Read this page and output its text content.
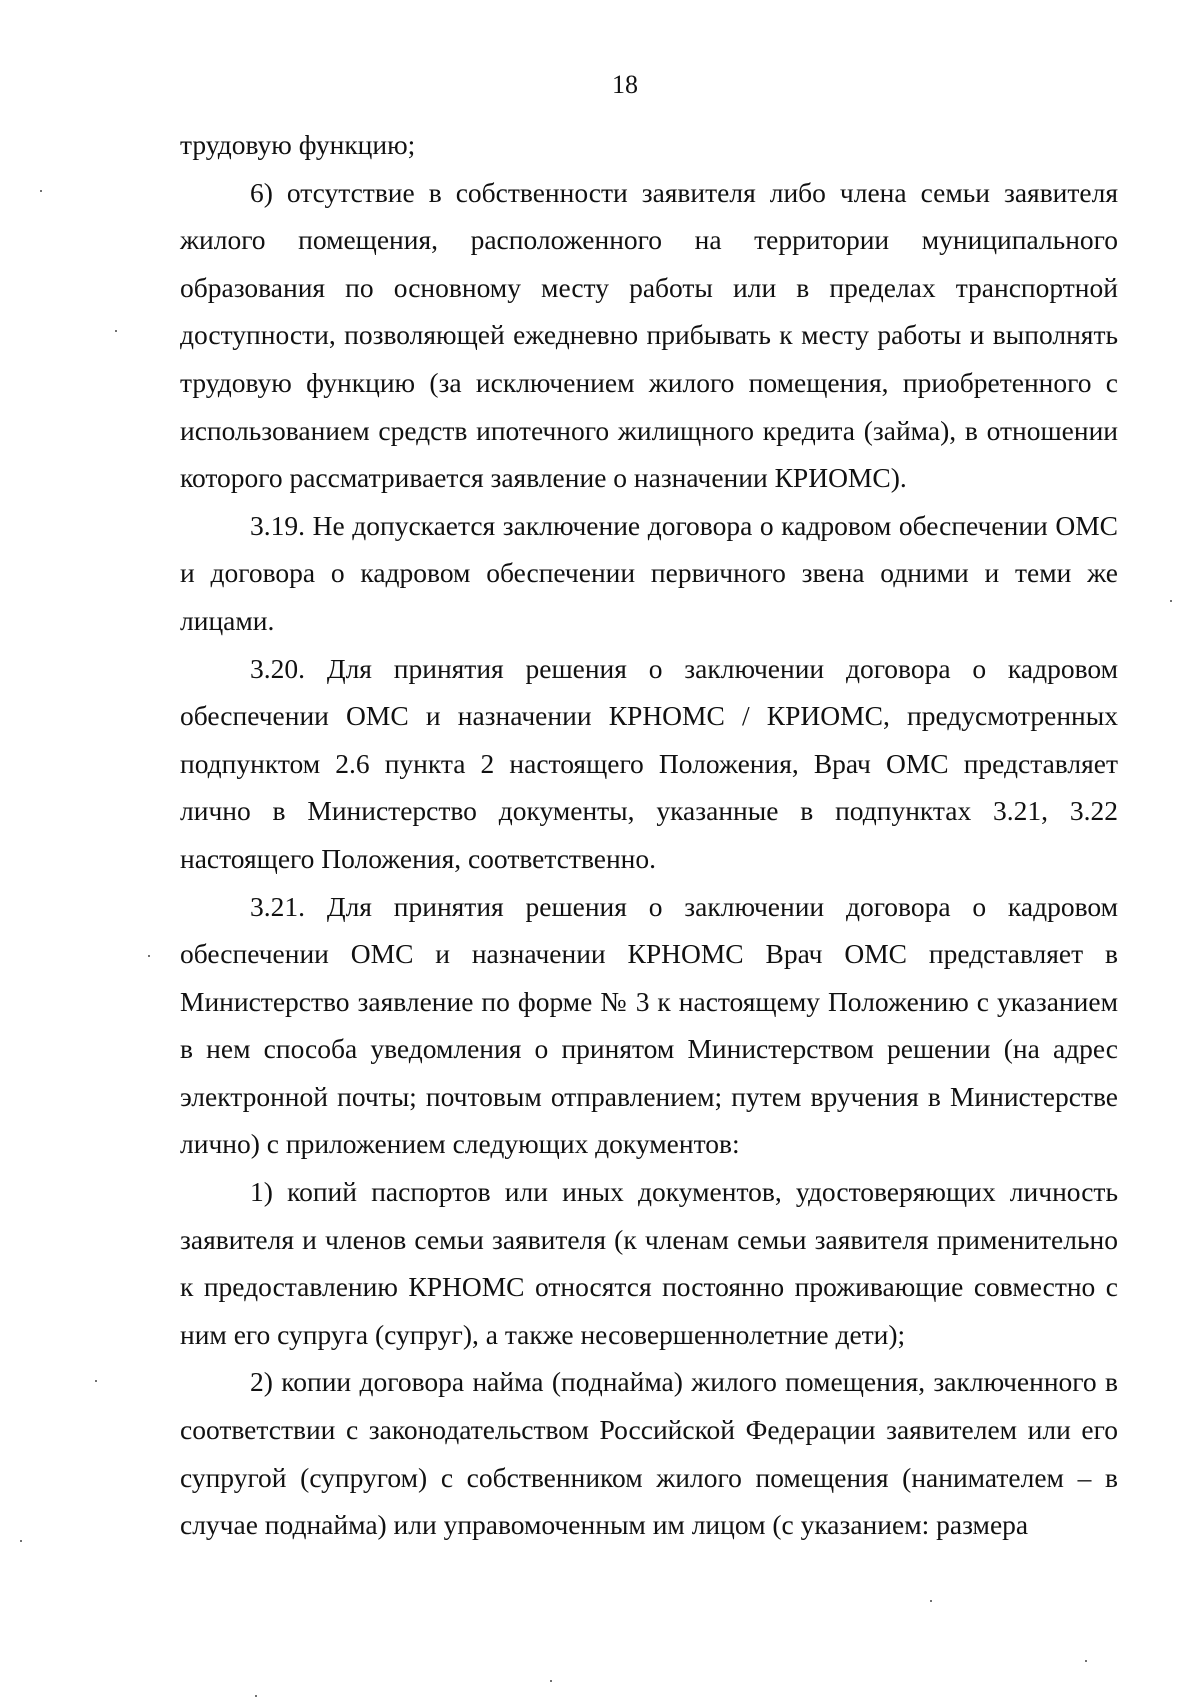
18

трудовую функцию;

6) отсутствие в собственности заявителя либо члена семьи заявителя жилого помещения, расположенного на территории муниципального образования по основному месту работы или в пределах транспортной доступности, позволяющей ежедневно прибывать к месту работы и выполнять трудовую функцию (за исключением жилого помещения, приобретенного с использованием средств ипотечного жилищного кредита (займа), в отношении которого рассматривается заявление о назначении КРИОМС).

3.19. Не допускается заключение договора о кадровом обеспечении ОМС и договора о кадровом обеспечении первичного звена одними и теми же лицами.

3.20. Для принятия решения о заключении договора о кадровом обеспечении ОМС и назначении КРНОМС / КРИОМС, предусмотренных подпунктом 2.6 пункта 2 настоящего Положения, Врач ОМС представляет лично в Министерство документы, указанные в подпунктах 3.21, 3.22 настоящего Положения, соответственно.

3.21. Для принятия решения о заключении договора о кадровом обеспечении ОМС и назначении КРНОМС Врач ОМС представляет в Министерство заявление по форме № 3 к настоящему Положению с указанием в нем способа уведомления о принятом Министерством решении (на адрес электронной почты; почтовым отправлением; путем вручения в Министерстве лично) с приложением следующих документов:

1) копий паспортов или иных документов, удостоверяющих личность заявителя и членов семьи заявителя (к членам семьи заявителя применительно к предоставлению КРНОМС относятся постоянно проживающие совместно с ним его супруга (супруг), а также несовершеннолетние дети);

2) копии договора найма (поднайма) жилого помещения, заключенного в соответствии с законодательством Российской Федерации заявителем или его супругой (супругом) с собственником жилого помещения (нанимателем – в случае поднайма) или управомоченным им лицом (с указанием: размера
